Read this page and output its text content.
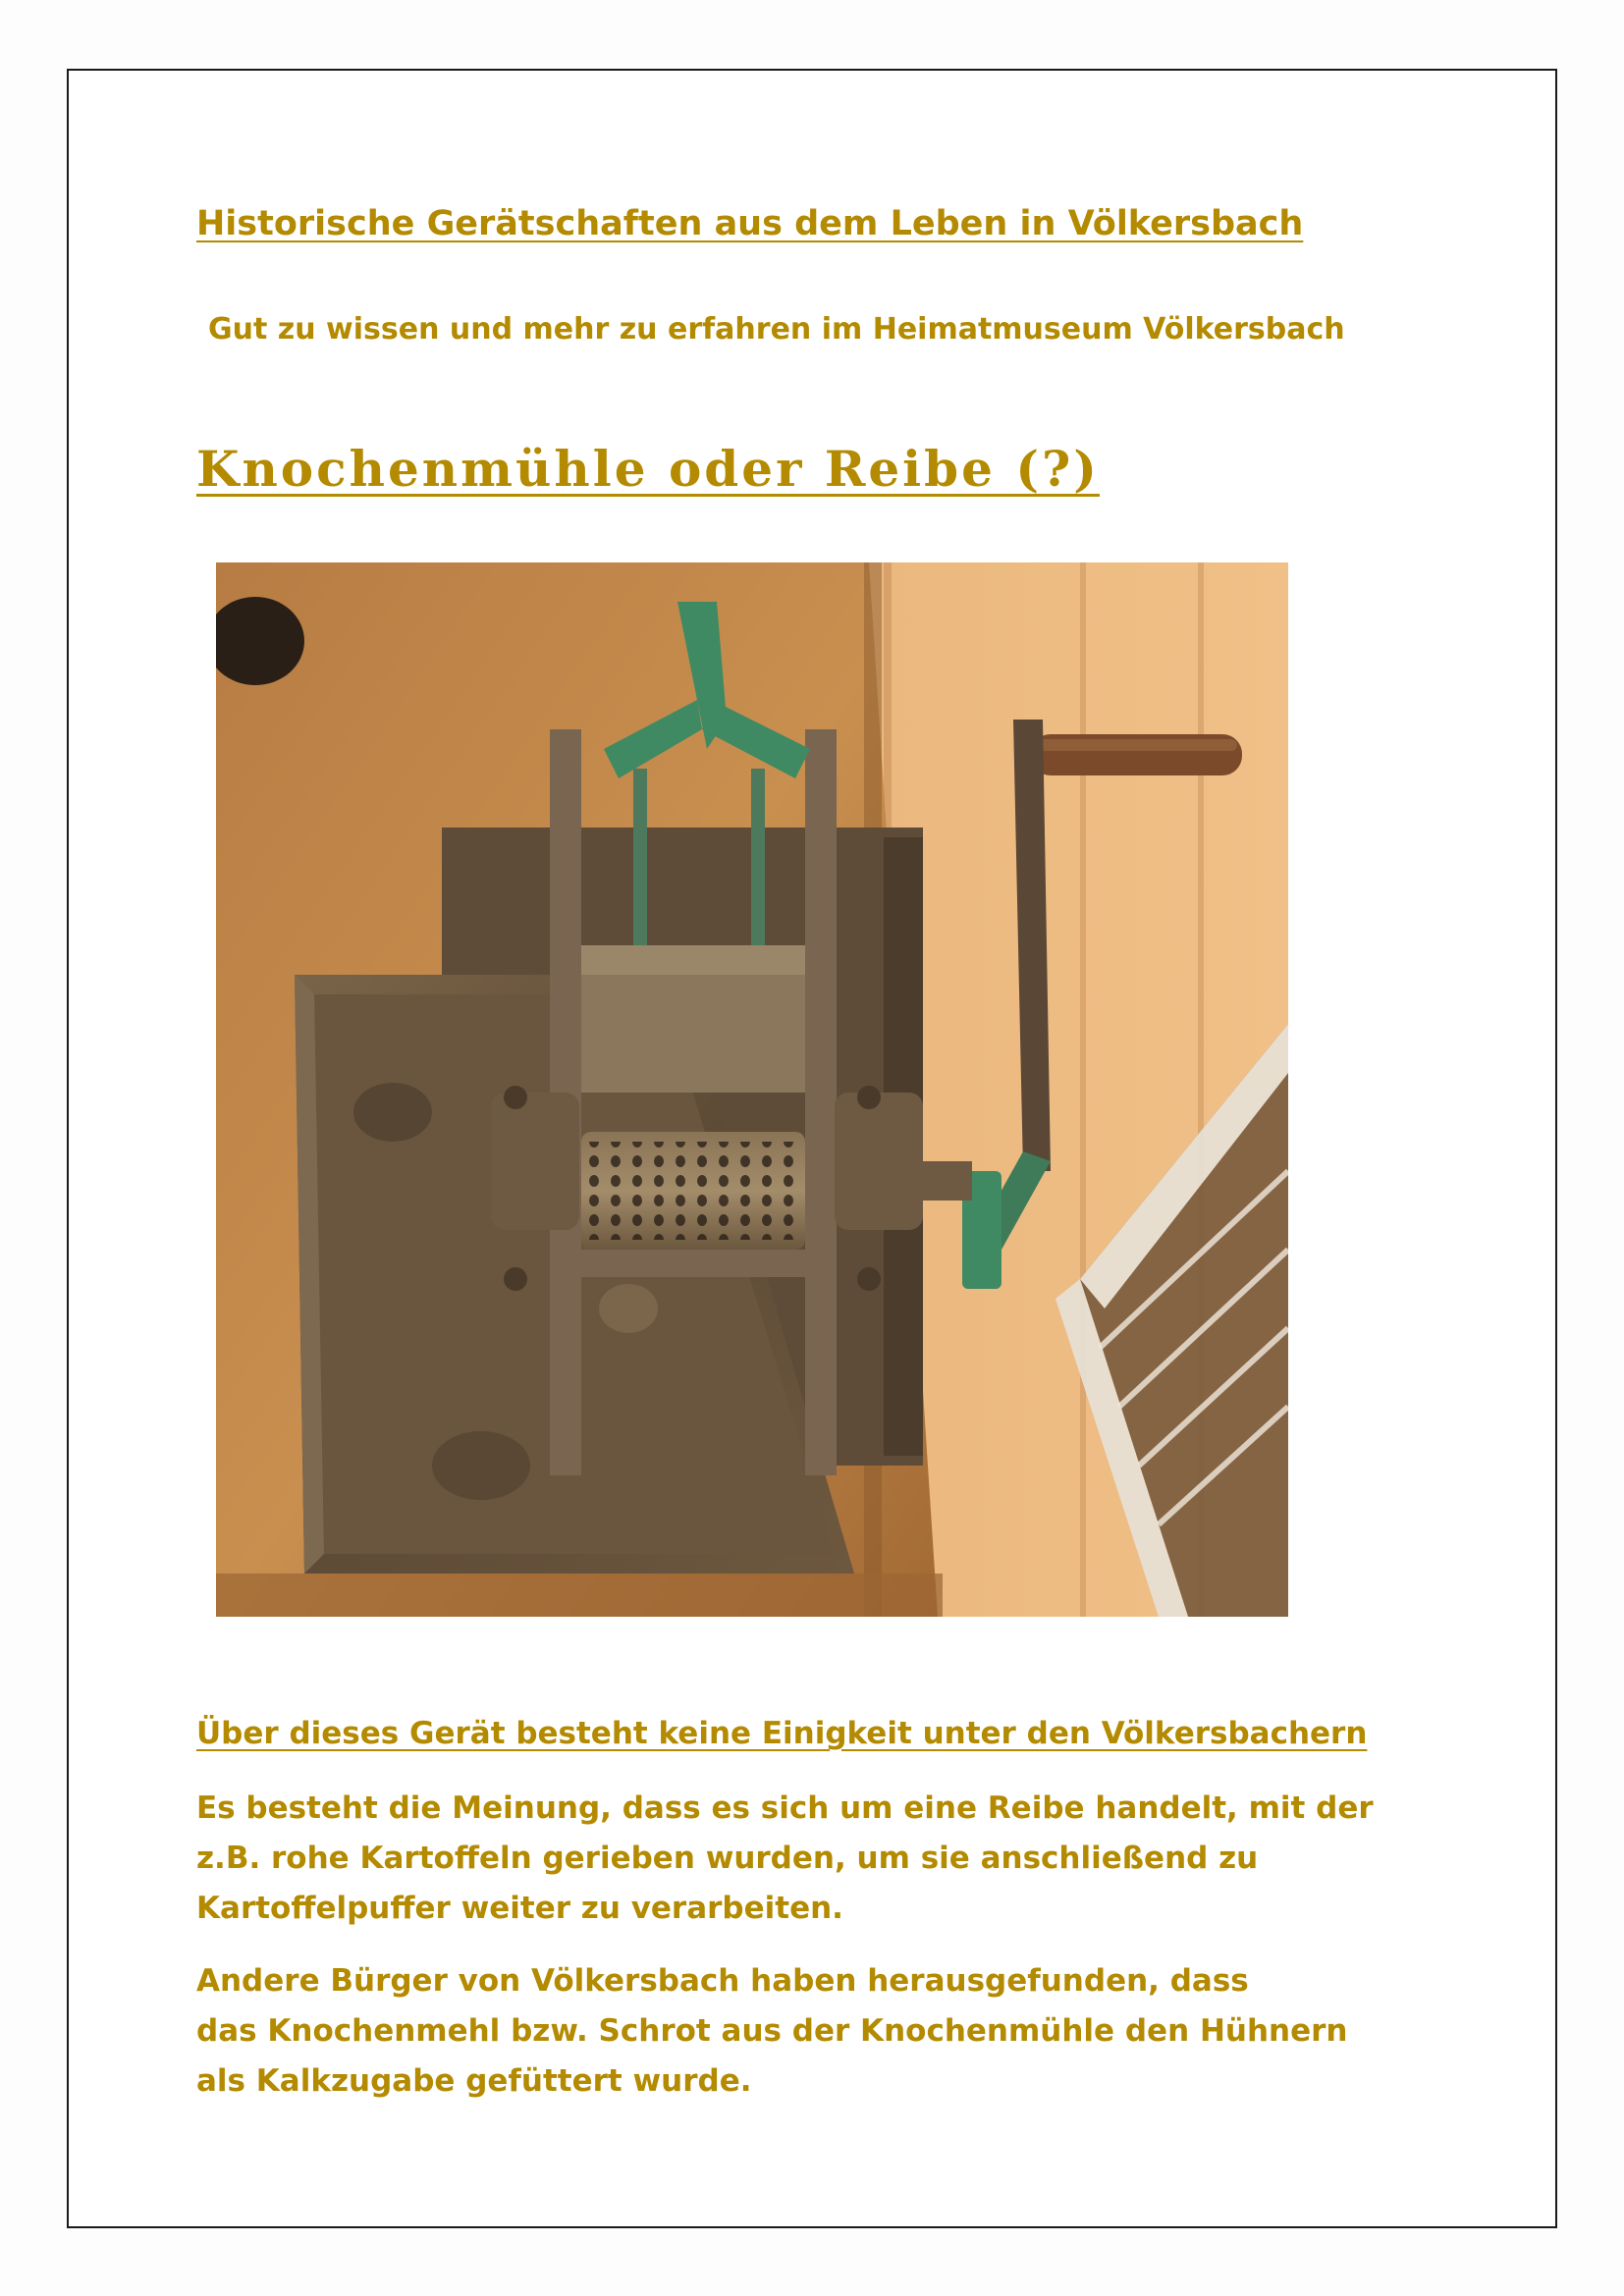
Historische Gerätschaften aus dem Leben in Völkersbach
Gut zu wissen und mehr zu erfahren im Heimatmuseum Völkersbach
Knochenmühle oder Reibe (?)
Über dieses Gerät besteht keine Einigkeit unter den Völkersbachern
Es besteht die Meinung, dass es sich um eine Reibe handelt, mit der
z.B. rohe Kartoffeln gerieben wurden, um sie anschließend zu
Kartoffelpuffer weiter zu verarbeiten.
Andere Bürger von Völkersbach haben herausgefunden, dass
das Knochenmehl bzw. Schrot aus der Knochenmühle den Hühnern
als Kalkzugabe gefüttert wurde.
